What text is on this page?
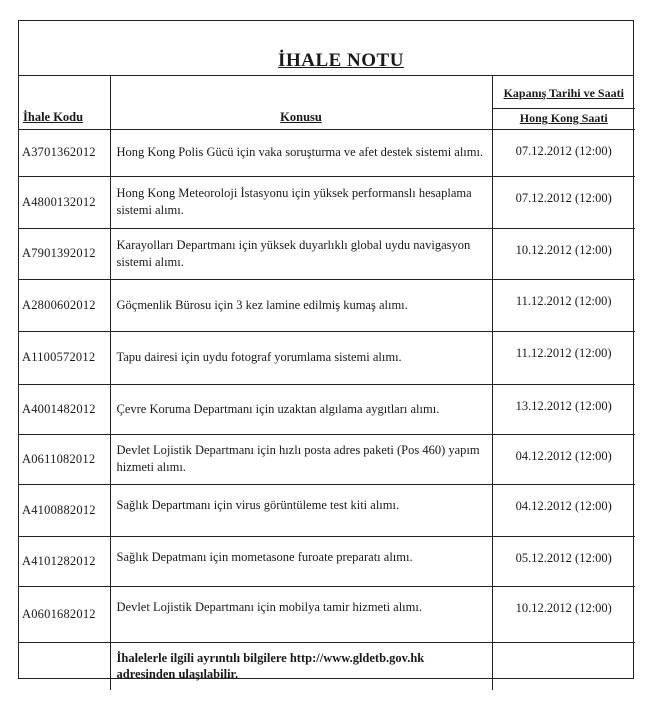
İHALE NOTU
İhale Kodu	Konusu	Kapanış Tarihi ve Saati
		Hong Kong Saati
A3701362012	Hong Kong Polis Gücü için vaka soruşturma ve afet destek sistemi alımı.	07.12.2012 (12:00)
A4800132012	Hong Kong Meteoroloji İstasyonu için yüksek performanslı hesaplama sistemi alımı.	07.12.2012 (12:00)
A7901392012	Karayolları Departmanı için yüksek duyarlıklı global uydu navigasyon sistemi alımı.	10.12.2012 (12:00)
A2800602012	Göçmenlik Bürosu için 3 kez lamine edilmiş kumaş alımı.	11.12.2012 (12:00)
A1100572012	Tapu dairesi için uydu fotograf yorumlama sistemi alımı.	11.12.2012 (12:00)
A4001482012	Çevre Koruma Departmanı için uzaktan algılama aygıtları alımı.	13.12.2012 (12:00)
A0611082012	Devlet Lojistik Departmanı için hızlı posta adres paketi (Pos 460) yapım hizmeti alımı.	04.12.2012 (12:00)
A4100882012	Sağlık Departmanı için virus görüntüleme test kiti alımı.	04.12.2012 (12:00)
A4101282012	Sağlık Depatmanı için mometasone furoate preparatı alımı.	05.12.2012 (12:00)
A0601682012	Devlet Lojistik Departmanı için mobilya tamir hizmeti alımı.	10.12.2012 (12:00)
	İhalelerle ilgili ayrıntılı bilgilere http://www.gldetb.gov.hk adresinden ulaşılabilir.	
